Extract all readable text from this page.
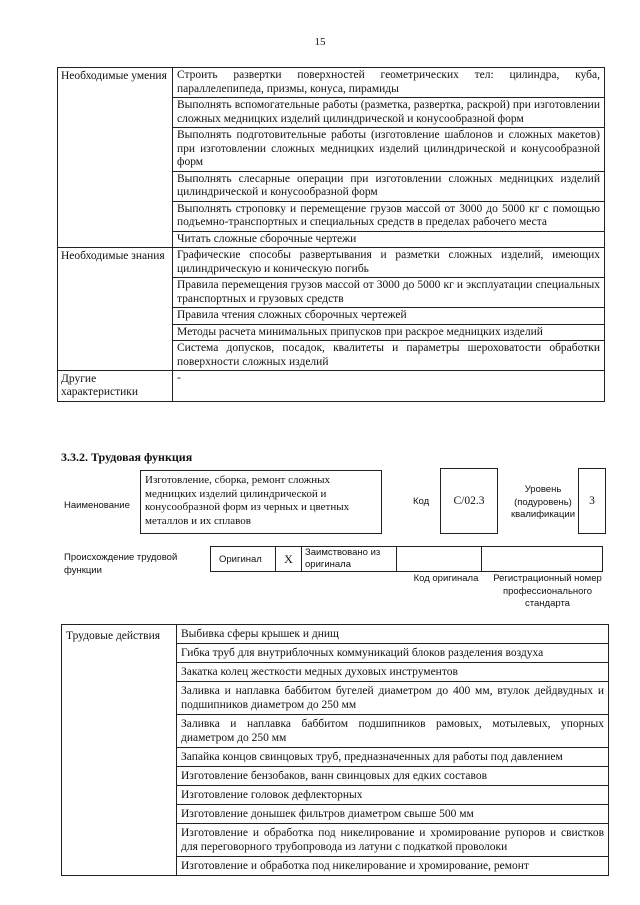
15
Необходимые умения	Строить развертки поверхностей геометрических тел: цилиндра, куба, параллелепипеда, призмы, конуса, пирамиды
	Выполнять вспомогательные работы (разметка, развертка, раскрой) при изготовлении сложных медницких изделий цилиндрической и конусообразной форм
	Выполнять подготовительные работы (изготовление шаблонов и сложных макетов) при изготовлении сложных медницких изделий цилиндрической и конусообразной форм
	Выполнять слесарные операции при изготовлении сложных медницких изделий цилиндрической и конусообразной форм
	Выполнять строповку и перемещение грузов массой от 3000 до 5000 кг с помощью подъемно-транспортных и специальных средств в пределах рабочего места
	Читать сложные сборочные чертежи
Необходимые знания	Графические способы развертывания и разметки сложных изделий, имеющих цилиндрическую и коническую погибь
	Правила перемещения грузов массой от 3000 до 5000 кг и эксплуатации специальных транспортных и грузовых средств
	Правила чтения сложных сборочных чертежей
	Методы расчета минимальных припусков при раскрое медницких изделий
	Система допусков, посадок, квалитеты и параметры шероховатости обработки поверхности сложных изделий
Другие характеристики	-
3.3.2. Трудовая функция
Наименование
Изготовление, сборка, ремонт сложных медницких изделий цилиндрической и конусообразной форм из черных и цветных металлов и их сплавов
Код	C/02.3
Уровень (подуровень) квалификации
3
Происхождение трудовой функции
Оригинал	X	Заимствовано из оригинала
Код оригинала	Регистрационный номер профессионального стандарта
Трудовые действия	Выбивка сферы крышек и днищ
Гибка труб для внутриблочных коммуникаций блоков разделения воздуха
Закатка колец жесткости медных духовых инструментов
Заливка и наплавка баббитом бугелей диаметром до 400 мм, втулок дейдвудных и подшипников диаметром до 250 мм
Заливка и наплавка баббитом подшипников рамовых, мотылевых, упорных диаметром до 250 мм
Запайка концов свинцовых труб, предназначенных для работы под давлением
Изготовление бензобаков, ванн свинцовых для едких составов
Изготовление головок дефлекторных
Изготовление донышек фильтров диаметром свыше 500 мм
Изготовление и обработка под никелирование и хромирование рупоров и свистков для переговорного трубопровода из латуни с подкаткой проволоки
Изготовление и обработка под никелирование и хромирование, ремонт
